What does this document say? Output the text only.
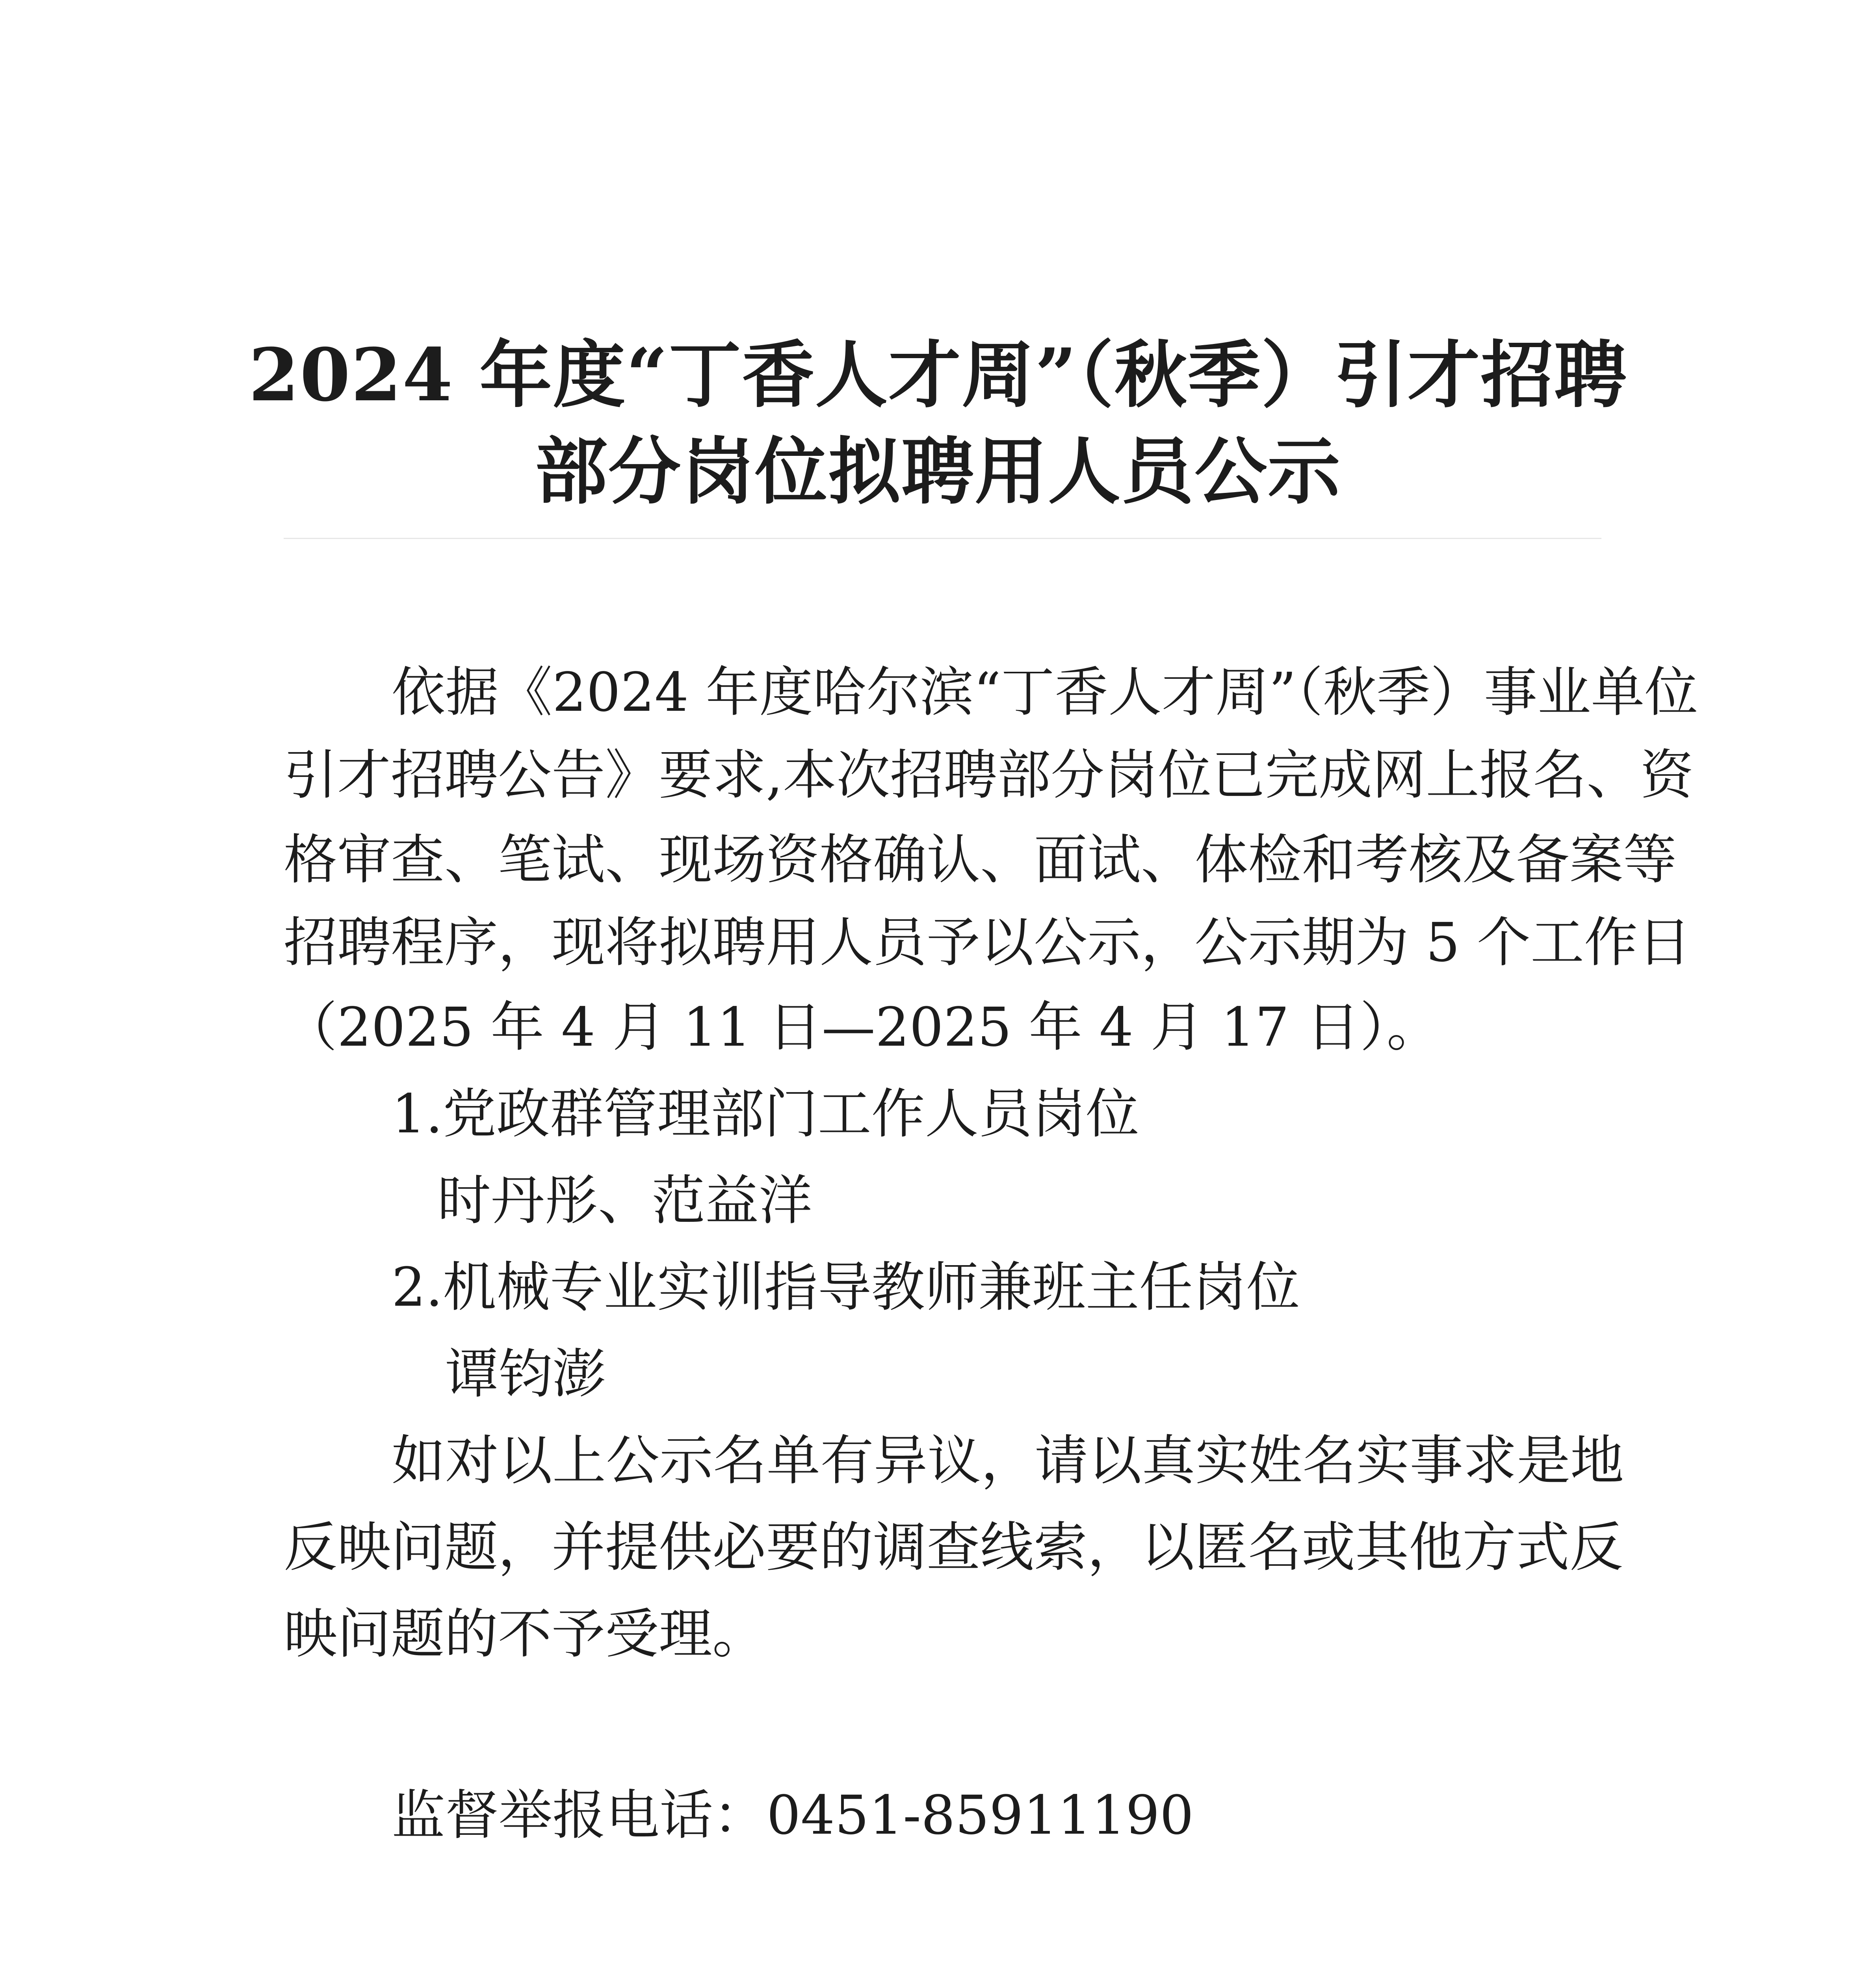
2024 年度“丁香人才周”（秋季）引才招聘
部分岗位拟聘用人员公示
依据《2024 年度哈尔滨“丁香人才周”（秋季）事业单位
引才招聘公告》要求,本次招聘部分岗位已完成网上报名、资
格审查、笔试、现场资格确认、面试、体检和考核及备案等
招聘程序，现将拟聘用人员予以公示，公示期为 5 个工作日
（2025 年 4 月 11 日—2025 年 4 月 17 日）。
1.党政群管理部门工作人员岗位
时丹彤、范益洋
2.机械专业实训指导教师兼班主任岗位
谭钧澎
如对以上公示名单有异议，请以真实姓名实事求是地
反映问题，并提供必要的调查线索，以匿名或其他方式反
映问题的不予受理。
监督举报电话：0451-85911190
